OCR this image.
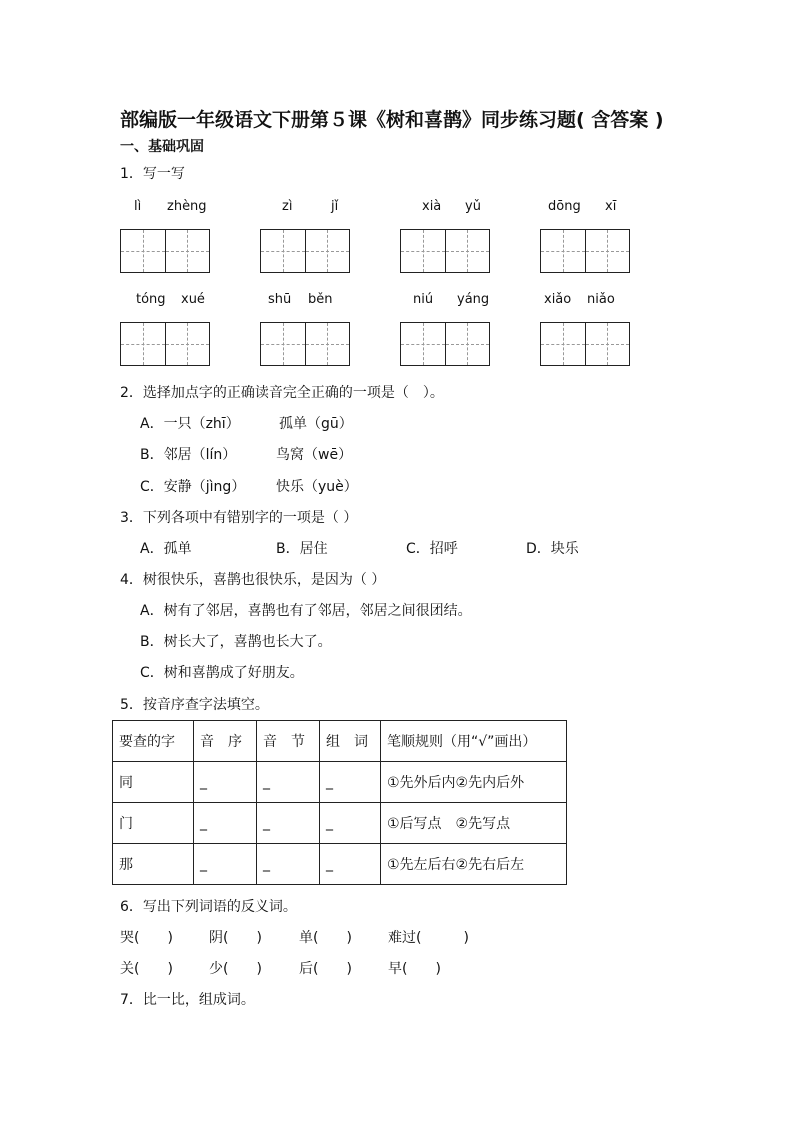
部编版一年级语文下册第５课《树和喜鹊》同步练习题( 含答案 )
一、基础巩固
1．写一写
lì zhèng	zì	jǐ	xià yǔ	dōng xī
tóng xué	shū běn	niú yáng	xiǎo niǎo
2．选择加点字的正确读音完全正确的一项是（　）。
A．一只（zhī）	孤单（gū）
B．邻居（lín）	鸟窝（wē）
C．安静（jìng） 快乐（yuè）
3．下列各项中有错别字的一项是（ ）
A．孤单	B．居住	C．招呼	D．块乐
4．树很快乐，喜鹊也很快乐，是因为（ ）
A．树有了邻居，喜鹊也有了邻居，邻居之间很团结。
B．树长大了，喜鹊也长大了。
C．树和喜鹊成了好朋友。
5．按音序查字法填空。
要查的字	音　序	音　节	组　词	笔顺规则（用“√”画出）
同	_	_	_	①先外后内②先内后外
门	_	_	_	①后写点　②先写点
那	_	_	_	①先左后右②先右后左
6．写出下列词语的反义词。
哭(　　)	阴(　　)	单(　　)	难过(　　　)
关(　　)	少(　　)	后(　　)	早(　　)
7．比一比，组成词。
